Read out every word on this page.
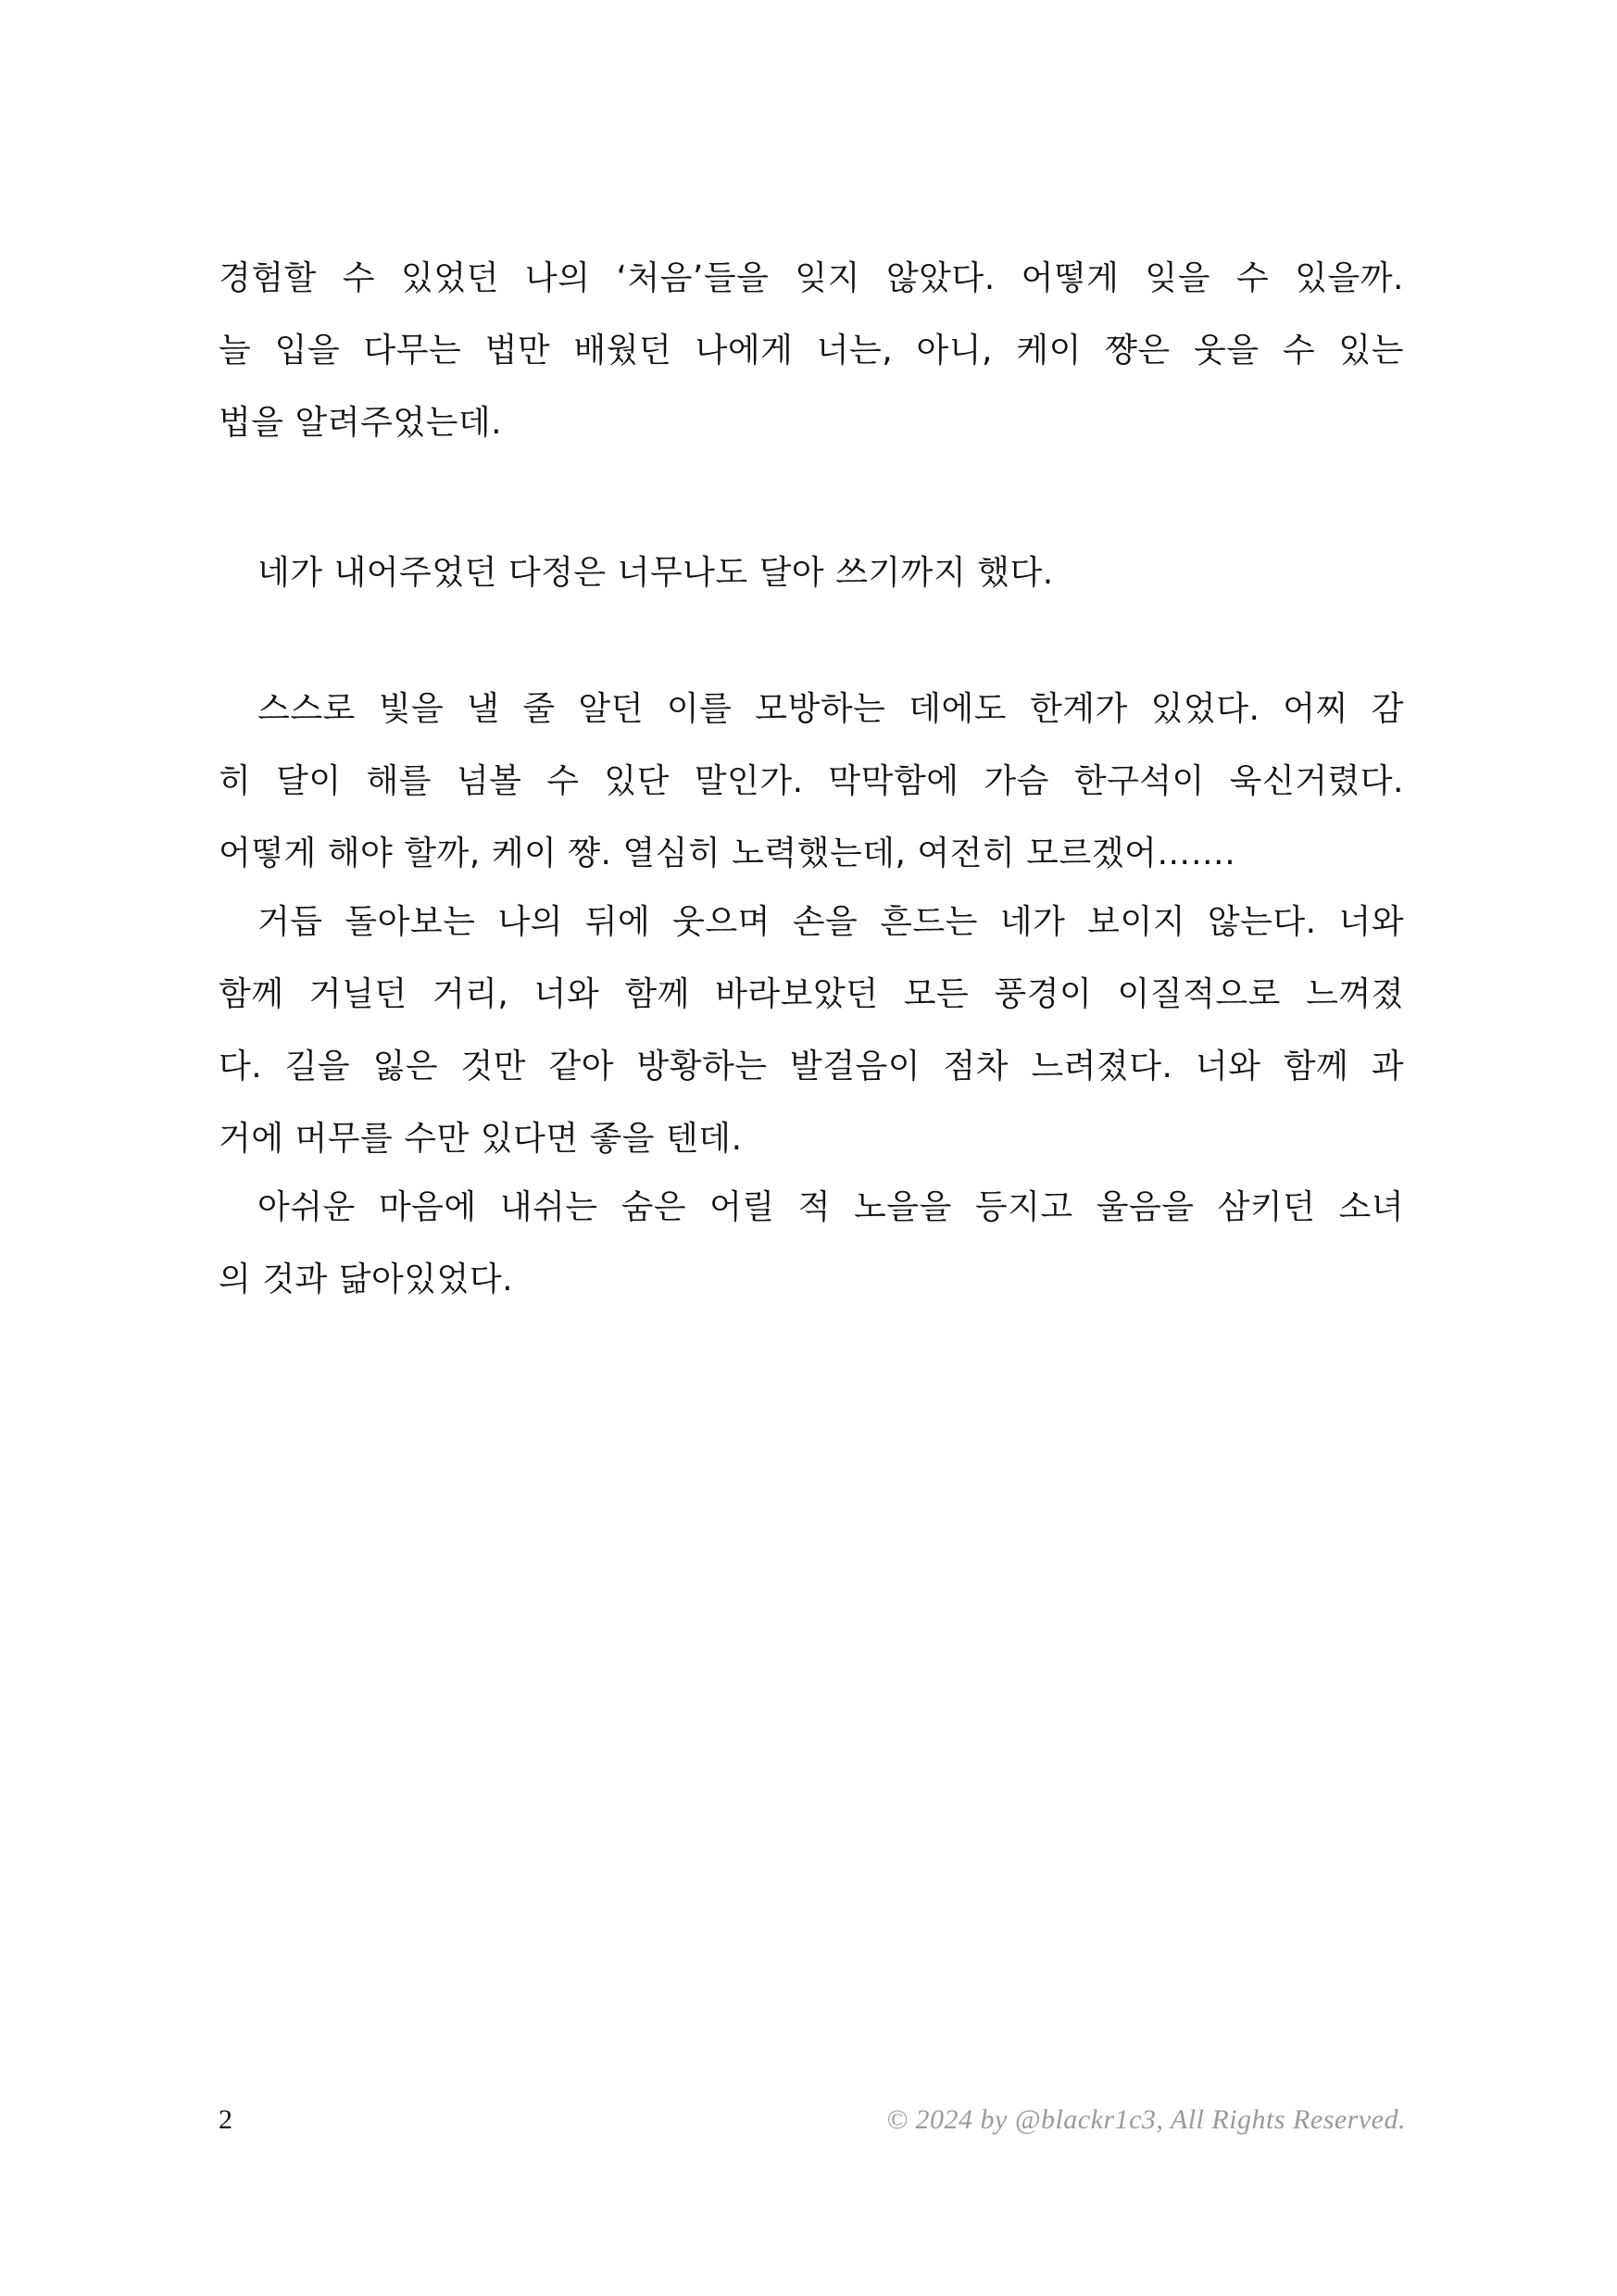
경험할 수 있었던 나의 ‘처음’들을 잊지 않았다. 어떻게 잊을 수 있을까.
늘 입을 다무는 법만 배웠던 나에게 너는, 아니, 케이 쨩은 웃을 수 있는
법을 알려주었는데.
네가 내어주었던 다정은 너무나도 달아 쓰기까지 했다.
스스로 빛을 낼 줄 알던 이를 모방하는 데에도 한계가 있었다. 어찌 감
히 달이 해를 넘볼 수 있단 말인가. 막막함에 가슴 한구석이 욱신거렸다.
어떻게 해야 할까, 케이 쨩. 열심히 노력했는데, 여전히 모르겠어…….
거듭 돌아보는 나의 뒤에 웃으며 손을 흔드는 네가 보이지 않는다. 너와
함께 거닐던 거리, 너와 함께 바라보았던 모든 풍경이 이질적으로 느껴졌
다. 길을 잃은 것만 같아 방황하는 발걸음이 점차 느려졌다. 너와 함께 과
거에 머무를 수만 있다면 좋을 텐데.
아쉬운 마음에 내쉬는 숨은 어릴 적 노을을 등지고 울음을 삼키던 소녀
의 것과 닮아있었다.
2	© 2024 by @blackr1c3, All Rights Reserved.
